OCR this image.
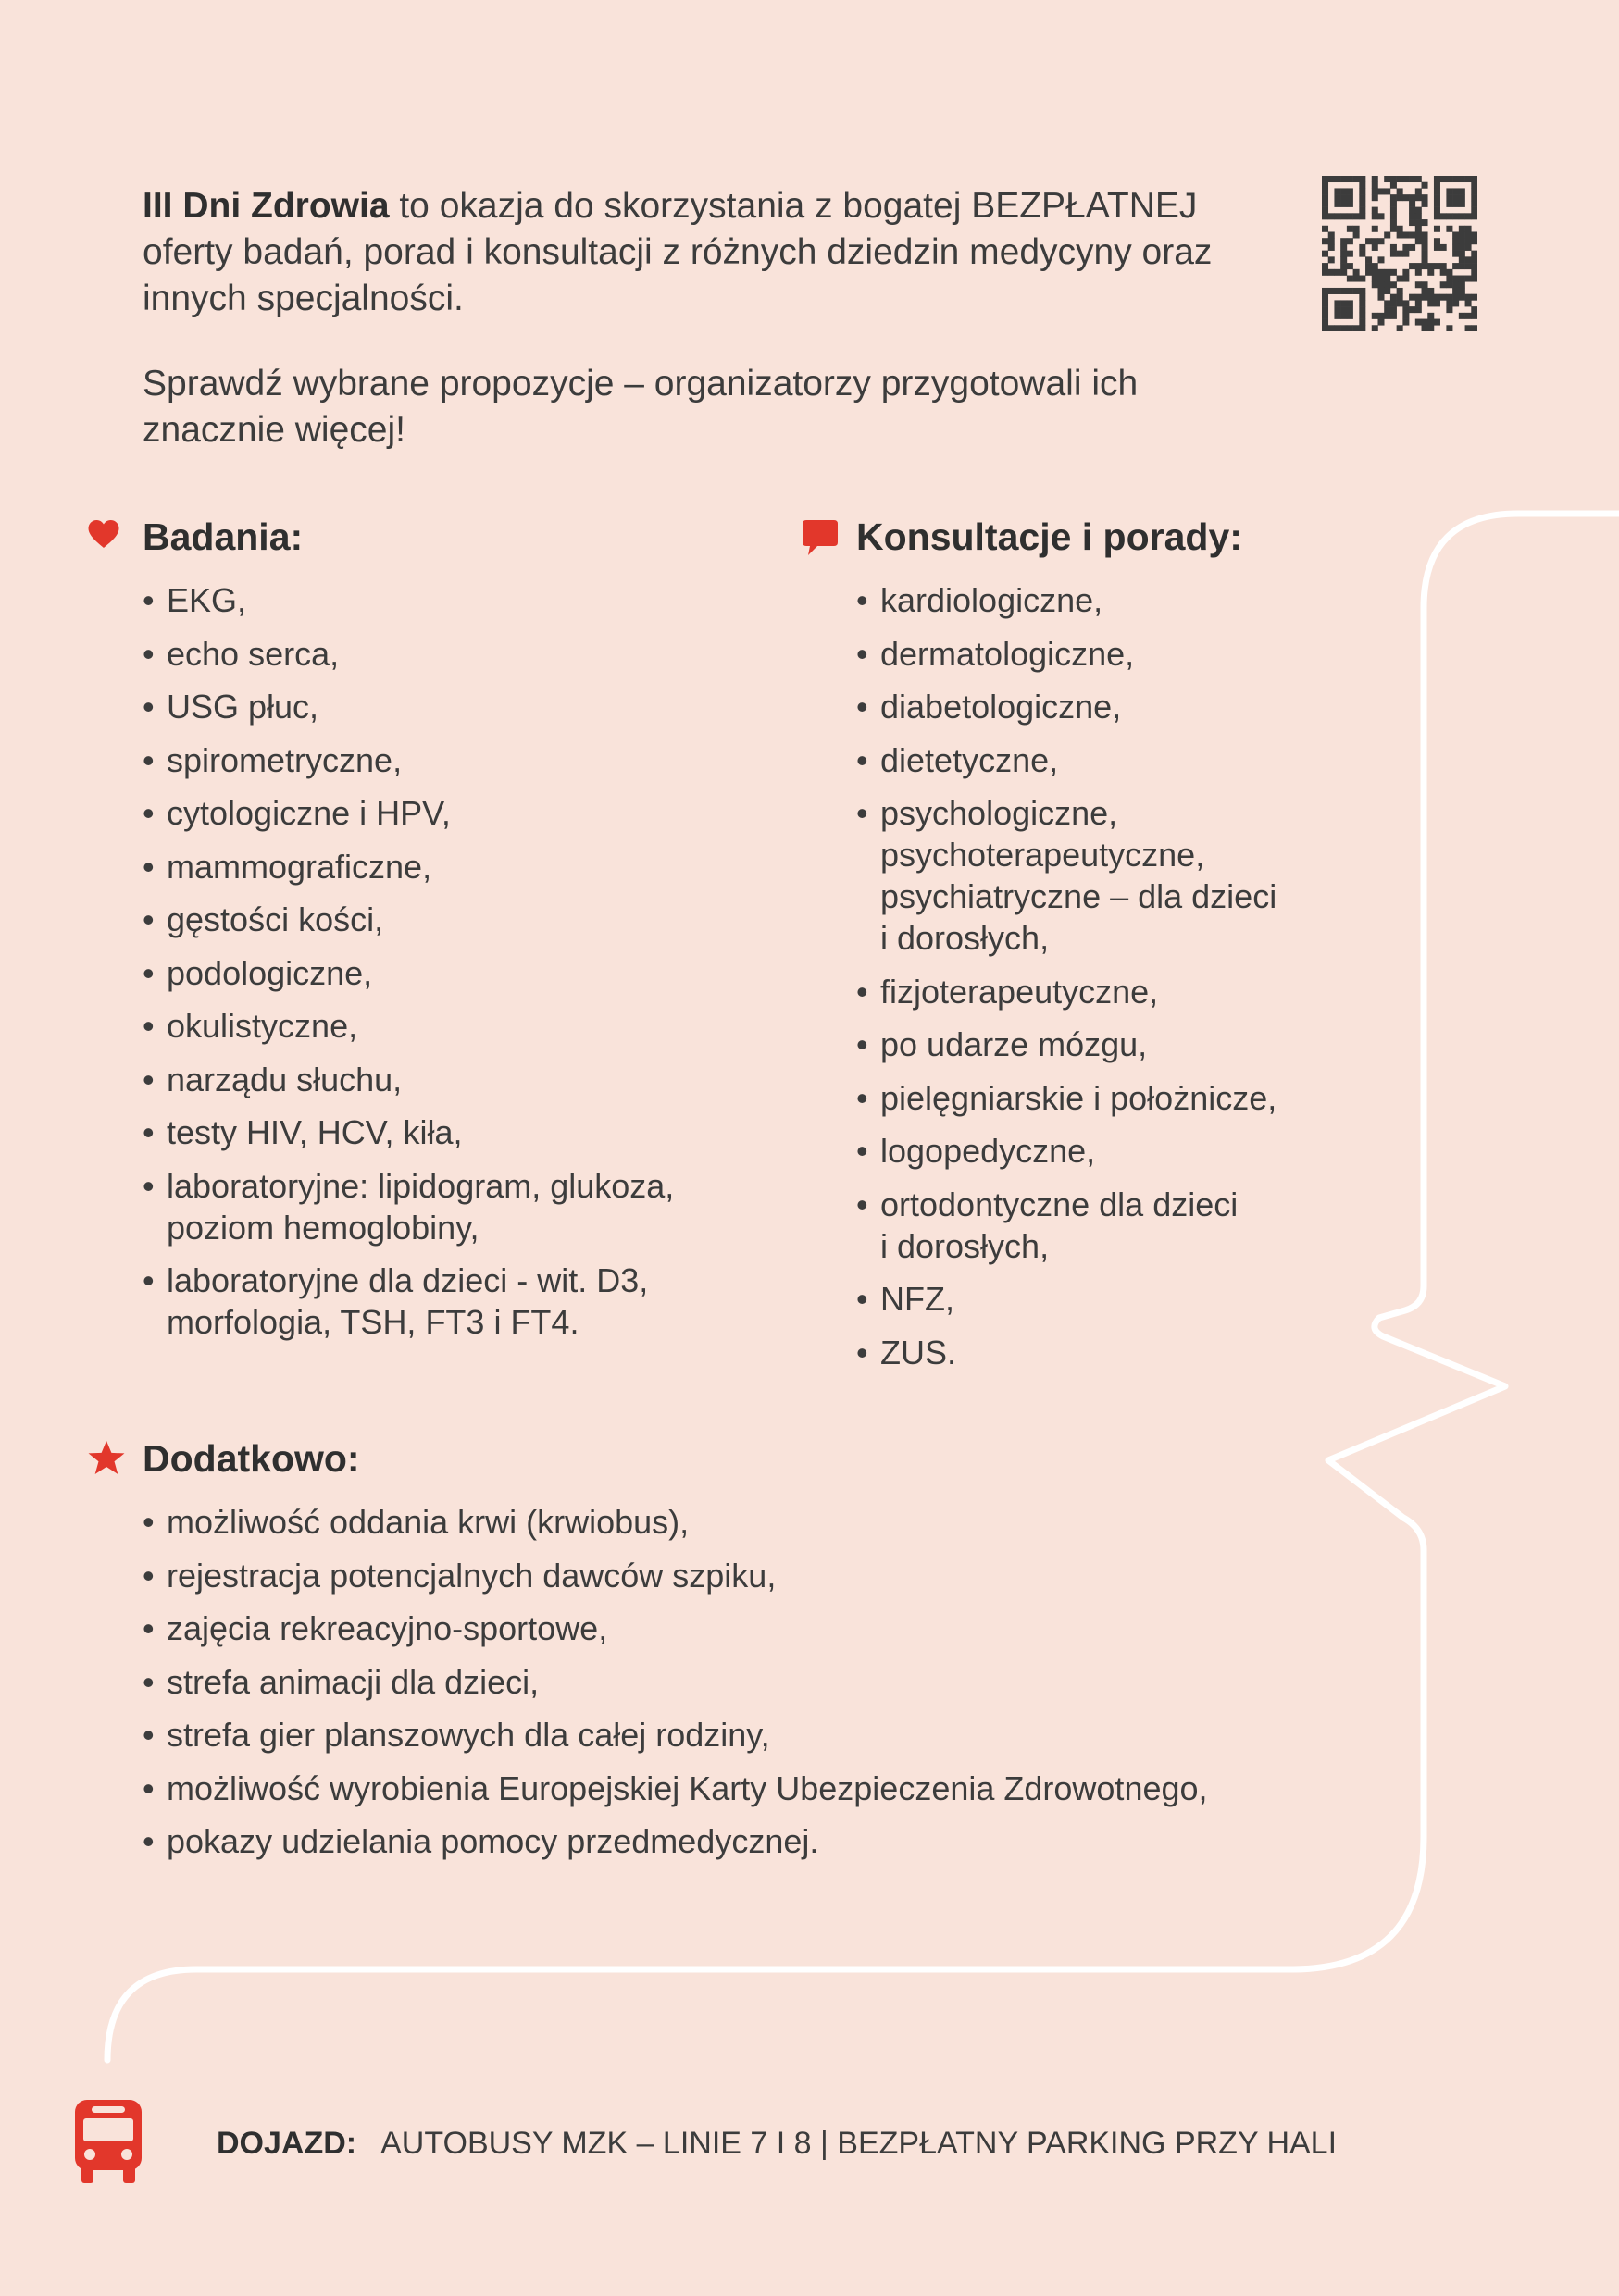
III Dni Zdrowia to okazja do skorzystania z bogatej BEZPŁATNEJ oferty badań, porad i konsultacji z różnych dziedzin medycyny oraz innych specjalności.

Sprawdź wybrane propozycje – organizatorzy przygotowali ich znacznie więcej!

Badania:
• EKG,
• echo serca,
• USG płuc,
• spirometryczne,
• cytologiczne i HPV,
• mammograficzne,
• gęstości kości,
• podologiczne,
• okulistyczne,
• narządu słuchu,
• testy HIV, HCV, kiła,
• laboratoryjne: lipidogram, glukoza,
poziom hemoglobiny,
• laboratoryjne dla dzieci - wit. D3,
morfologia, TSH, FT3 i FT4.
Konsultacje i porady:
• kardiologiczne,
• dermatologiczne,
• diabetologiczne,
• dietetyczne,
• psychologiczne,
psychoterapeutyczne,
psychiatryczne – dla dzieci
i dorosłych,
• fizjoterapeutyczne,
• po udarze mózgu,
• pielęgniarskie i położnicze,
• logopedyczne,
• ortodontyczne dla dzieci
i dorosłych,
• NFZ,
• ZUS.
Dodatkowo:
• możliwość oddania krwi (krwiobus),
• rejestracja potencjalnych dawców szpiku,
• zajęcia rekreacyjno-sportowe,
• strefa animacji dla dzieci,
• strefa gier planszowych dla całej rodziny,
• możliwość wyrobienia Europejskiej Karty Ubezpieczenia Zdrowotnego,
• pokazy udzielania pomocy przedmedycznej.
DOJAZD: AUTOBUSY MZK – LINIE 7 I 8 | BEZPŁATNY PARKING PRZY HALI
